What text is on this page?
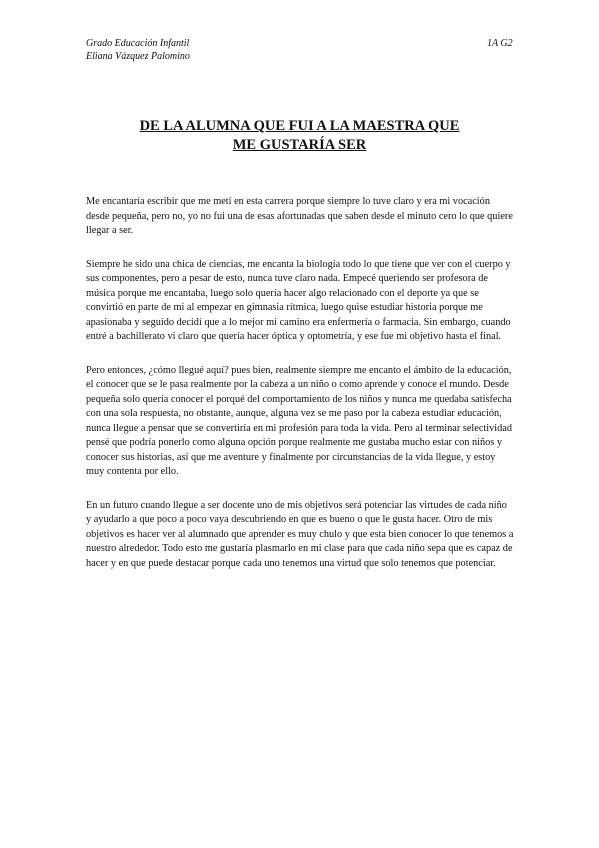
Grado Educación Infantil
Eliana Vázquez Palomino
1A G2
DE LA ALUMNA QUE FUI A LA MAESTRA QUE
ME GUSTARÍA SER

Me encantaría escribir que me metí en esta carrera porque siempre lo tuve claro y era mi vocación desde pequeña, pero no, yo no fui una de esas afortunadas que saben desde el minuto cero lo que quiere llegar a ser.

Siempre he sido una chica de ciencias, me encanta la biología todo lo que tiene que ver con el cuerpo y sus componentes, pero a pesar de esto, nunca tuve claro nada. Empecé queriendo ser profesora de música porque me encantaba, luego solo quería hacer algo relacionado con el deporte ya que se convirtió en parte de mi al empezar en gimnasia rítmica, luego quise estudiar historia porque me apasionaba y seguido decidí que a lo mejor mi camino era enfermería o farmacia. Sin embargo, cuando entré a bachillerato vi claro que quería hacer óptica y optometría, y ese fue mi objetivo hasta el final.

Pero entonces, ¿cómo llegué aquí? pues bien, realmente siempre me encanto el ámbito de la educación, el conocer que se le pasa realmente por la cabeza a un niño o como aprende y conoce el mundo. Desde pequeña solo quería conocer el porqué del comportamiento de los niños y nunca me quedaba satisfecha con una sola respuesta, no obstante, aunque, alguna vez se me paso por la cabeza estudiar educación, nunca llegue a pensar que se convertiría en mi profesión para toda la vida. Pero al terminar selectividad pensé que podría ponerlo como alguna opción porque realmente me gustaba mucho estar con niños y conocer sus historias, así que me aventure y finalmente por circunstancias de la vida llegue, y estoy muy contenta por ello.

En un futuro cuando llegue a ser docente uno de mis objetivos será potenciar las virtudes de cada niño y ayudarlo a que poco a poco vaya descubriendo en que es bueno o que le gusta hacer. Otro de mis objetivos es hacer ver al alumnado que aprender es muy chulo y que esta bien conocer lo que tenemos a nuestro alrededor. Todo esto me gustaría plasmarlo en mi clase para que cada niño sepa que es capaz de hacer y en que puede destacar porque cada uno tenemos una virtud que solo tenemos que potenciar.
